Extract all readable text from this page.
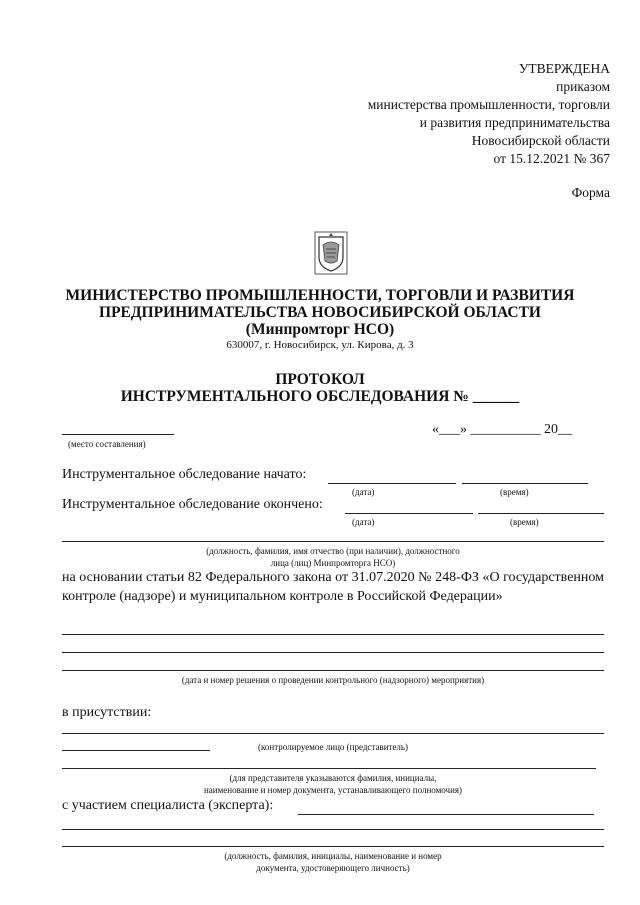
УТВЕРЖДЕНА
приказом
министерства промышленности, торговли
и развития предпринимательства
Новосибирской области
от 15.12.2021 № 367
Форма
МИНИСТЕРСТВО ПРОМЫШЛЕННОСТИ, ТОРГОВЛИ И РАЗВИТИЯ
ПРЕДПРИНИМАТЕЛЬСТВА НОВОСИБИРСКОЙ ОБЛАСТИ
(Минпромторг НСО)
630007, г. Новосибирск, ул. Кирова, д. 3
ПРОТОКОЛ
ИНСТРУМЕНТАЛЬНОГО ОБСЛЕДОВАНИЯ № ______
(место составления)
«___» __________ 20__
Инструментальное обследование начато:
(дата)	(время)
Инструментальное обследование окончено:
(дата)	(время)
(должность, фамилия, имя отчество (при наличии), должностного
лица (лиц) Минпромторга НСО)
на основании статьи 82 Федерального закона от 31.07.2020 № 248-ФЗ «О государственном контроле (надзоре) и муниципальном контроле в Российской Федерации»
(дата и номер решения о проведении контрольного (надзорного) мероприятия)
в присутствии:
(контролируемое лицо (представитель)
(для представителя указываются фамилия, инициалы,
наименование и номер документа, устанавливающего полномочия)
с участием специалиста (эксперта):
(должность, фамилия, инициалы, наименование и номер
документа, удостоверяющего личность)
